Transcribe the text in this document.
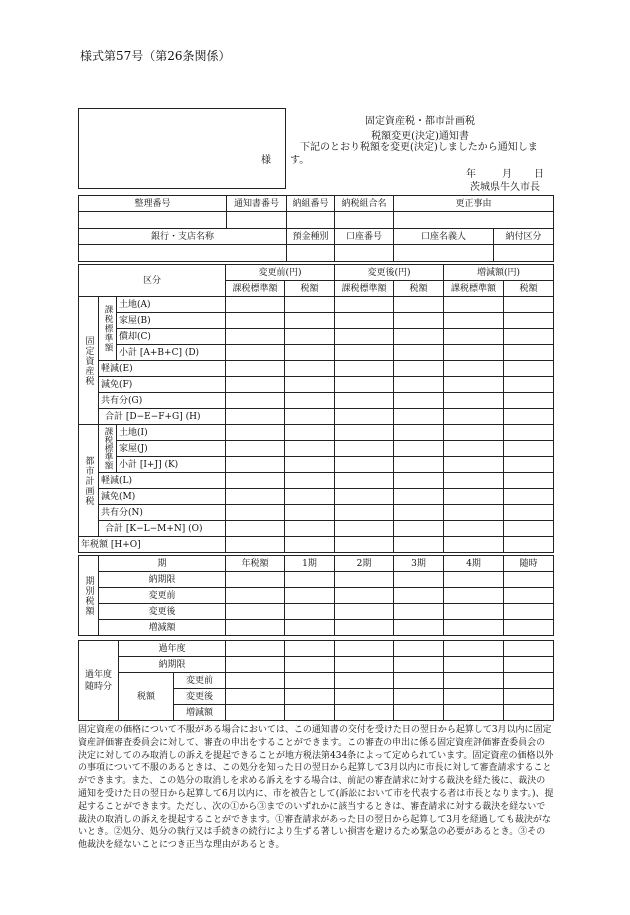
様式第57号（第26条関係）
様
固定資産税・都市計画税
税額変更(決定)通知書
下記のとおり税額を変更(決定)しましたから通知します。
年	月 日
茨城県牛久市長
整理番号	通知書番号	納組番号	納税組合名	更正事由

銀行・支店名称	預金種別	口座番号	口座名義人	納付区分

区分			変更前(円)		変更後(円)		増減額(円)	
			課税標準額	税額	課税標準額	税額	課税標準額	税額
固定資産税	課税標準額	土地(A)						
		家屋(B)						
		償却(C)						
		小計 [A+B+C] (D)						
	軽減(E)							
	減免(F)							
	共有分(G)							
	合計 [D−E−F+G] (H)							
都市計画税	課税標準額	土地(I)						
		家屋(J)						
		小計 [I+J] (K)						
	軽減(L)							
	減免(M)							
	共有分(N)							
	合計 [K−L−M+N] (O)							
年税額 [H+O]								
期別税額	期	年税額	1期	2期	3期	4期	随時
	納期限						
	変更前						
	変更後						
	増減額						
過年度随時分	過年度							
	納期限							
	税額	変更前						
		変更後						
		増減額						
固定資産の価格について不服がある場合においては、この通知書の交付を受けた日の翌日から起算して3月以内に固定資産評価審査委員会に対して、審査の申出をすることができます。この審査の申出に係る固定資産評価審査委員会の決定に対してのみ取消しの訴えを提起できることが地方税法第434条によって定められています。固定資産の価格以外の事項について不服のあるときは、この処分を知った日の翌日から起算して3月以内に市長に対して審査請求することができます。また、この処分の取消しを求める訴えをする場合は、前記の審査請求に対する裁決を経た後に、裁決の通知を受けた日の翌日から起算して6月以内に、市を被告として(訴訟において市を代表する者は市長となります。)、提起することができます。ただし、次の①から③までのいずれかに該当するときは、審査請求に対する裁決を経ないで裁決の取消しの訴えを提起することができます。①審査請求があった日の翌日から起算して3月を経過しても裁決がないとき。②処分、処分の執行又は手続きの続行により生ずる著しい損害を避けるため緊急の必要があるとき。③その他裁決を経ないことにつき正当な理由があるとき。
